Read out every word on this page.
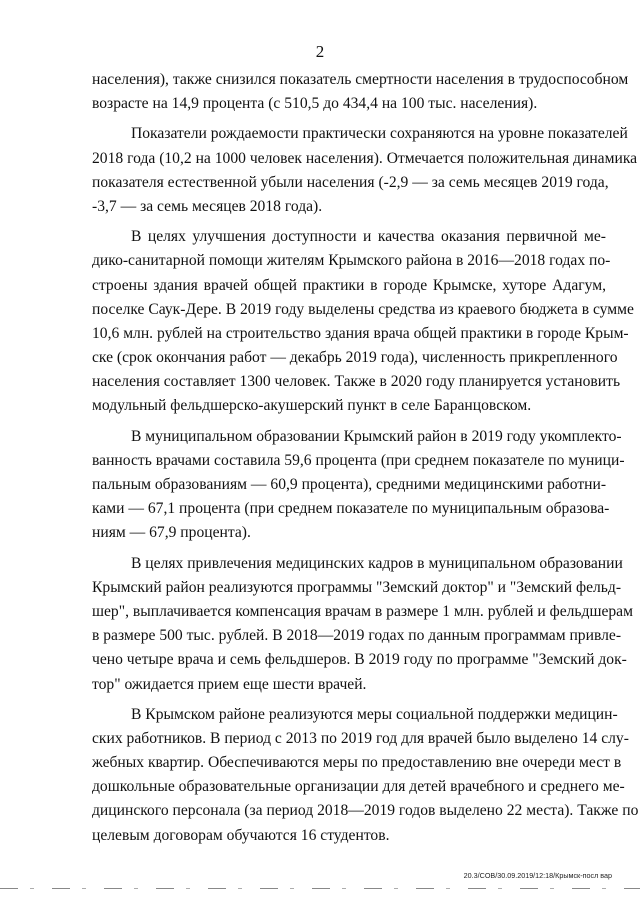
2
населения), также снизился показатель смертности населения в трудоспособном
возрасте на 14,9 процента (с 510,5 до 434,4 на 100 тыс. населения).
Показатели рождаемости практически сохраняются на уровне показателей
2018 года (10,2 на 1000 человек населения). Отмечается положительная динамика
показателя естественной убыли населения (-2,9 — за семь месяцев 2019 года,
-3,7 — за семь месяцев 2018 года).
В целях улучшения доступности и качества оказания первичной ме-
дико-санитарной помощи жителям Крымского района в 2016—2018 годах по-
строены здания врачей общей практики в городе Крымске, хуторе Адагум,
поселке Саук-Дере. В 2019 году выделены средства из краевого бюджета в сумме
10,6 млн. рублей на строительство здания врача общей практики в городе Крым-
ске (срок окончания работ — декабрь 2019 года), численность прикрепленного
населения составляет 1300 человек. Также в 2020 году планируется установить
модульный фельдшерско-акушерский пункт в селе Баранцовском.
В муниципальном образовании Крымский район в 2019 году укомплекто-
ванность врачами составила 59,6 процента (при среднем показателе по муници-
пальным образованиям — 60,9 процента), средними медицинскими работни-
ками — 67,1 процента (при среднем показателе по муниципальным образова-
ниям — 67,9 процента).
В целях привлечения медицинских кадров в муниципальном образовании
Крымский район реализуются программы "Земский доктор" и "Земский фельд-
шер", выплачивается компенсация врачам в размере 1 млн. рублей и фельдшерам
в размере 500 тыс. рублей. В 2018—2019 годах по данным программам привле-
чено четыре врача и семь фельдшеров. В 2019 году по программе "Земский док-
тор" ожидается прием еще шести врачей.
В Крымском районе реализуются меры социальной поддержки медицин-
ских работников. В период с 2013 по 2019 год для врачей было выделено 14 слу-
жебных квартир. Обеспечиваются меры по предоставлению вне очереди мест в
дошкольные образовательные организации для детей врачебного и среднего ме-
дицинского персонала (за период 2018—2019 годов выделено 22 места). Также по
целевым договорам обучаются 16 студентов.
20.3/COB/30.09.2019/12:18/Крымск-посл вар
